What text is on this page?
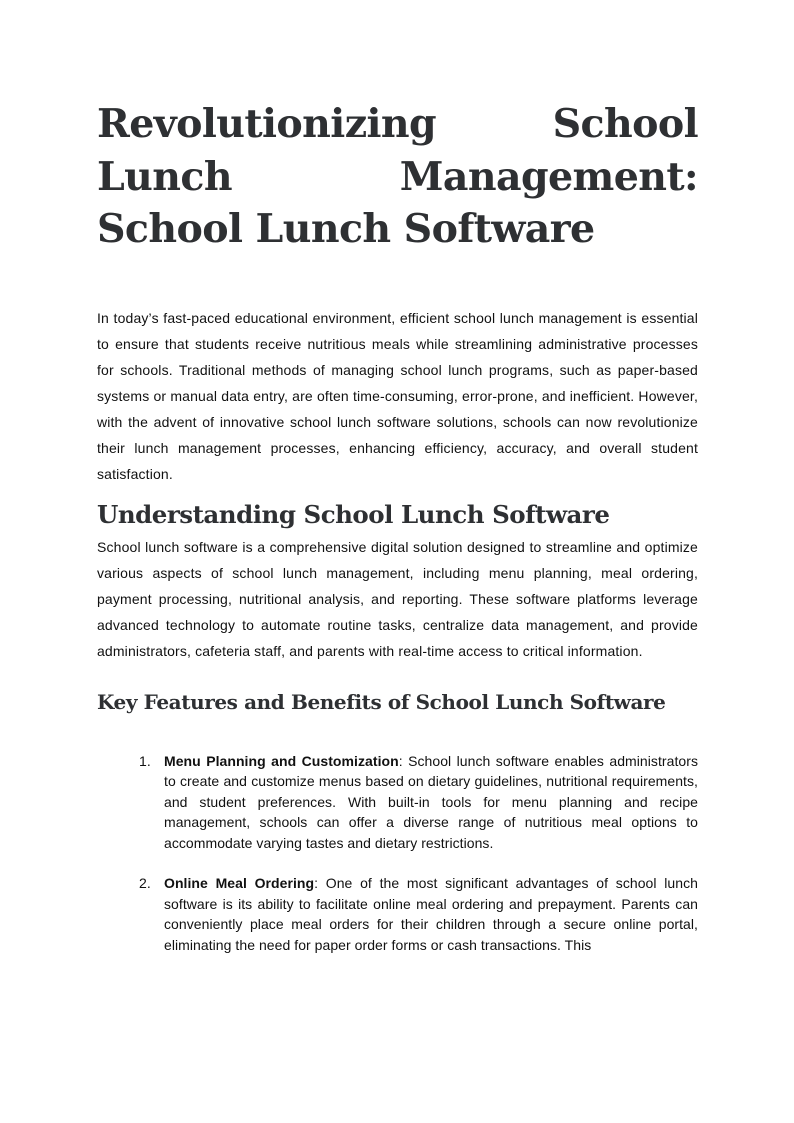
Revolutionizing School Lunch Management: School Lunch Software

In today’s fast-paced educational environment, efficient school lunch management is essential to ensure that students receive nutritious meals while streamlining administrative processes for schools. Traditional methods of managing school lunch programs, such as paper-based systems or manual data entry, are often time-consuming, error-prone, and inefficient. However, with the advent of innovative school lunch software solutions, schools can now revolutionize their lunch management processes, enhancing efficiency, accuracy, and overall student satisfaction.

Understanding School Lunch Software

School lunch software is a comprehensive digital solution designed to streamline and optimize various aspects of school lunch management, including menu planning, meal ordering, payment processing, nutritional analysis, and reporting. These software platforms leverage advanced technology to automate routine tasks, centralize data management, and provide administrators, cafeteria staff, and parents with real-time access to critical information.

Key Features and Benefits of School Lunch Software
1. Menu Planning and Customization: School lunch software enables administrators to create and customize menus based on dietary guidelines, nutritional requirements, and student preferences. With built-in tools for menu planning and recipe management, schools can offer a diverse range of nutritious meal options to accommodate varying tastes and dietary restrictions.
2. Online Meal Ordering: One of the most significant advantages of school lunch software is its ability to facilitate online meal ordering and prepayment. Parents can conveniently place meal orders for their children through a secure online portal, eliminating the need for paper order forms or cash transactions. This
